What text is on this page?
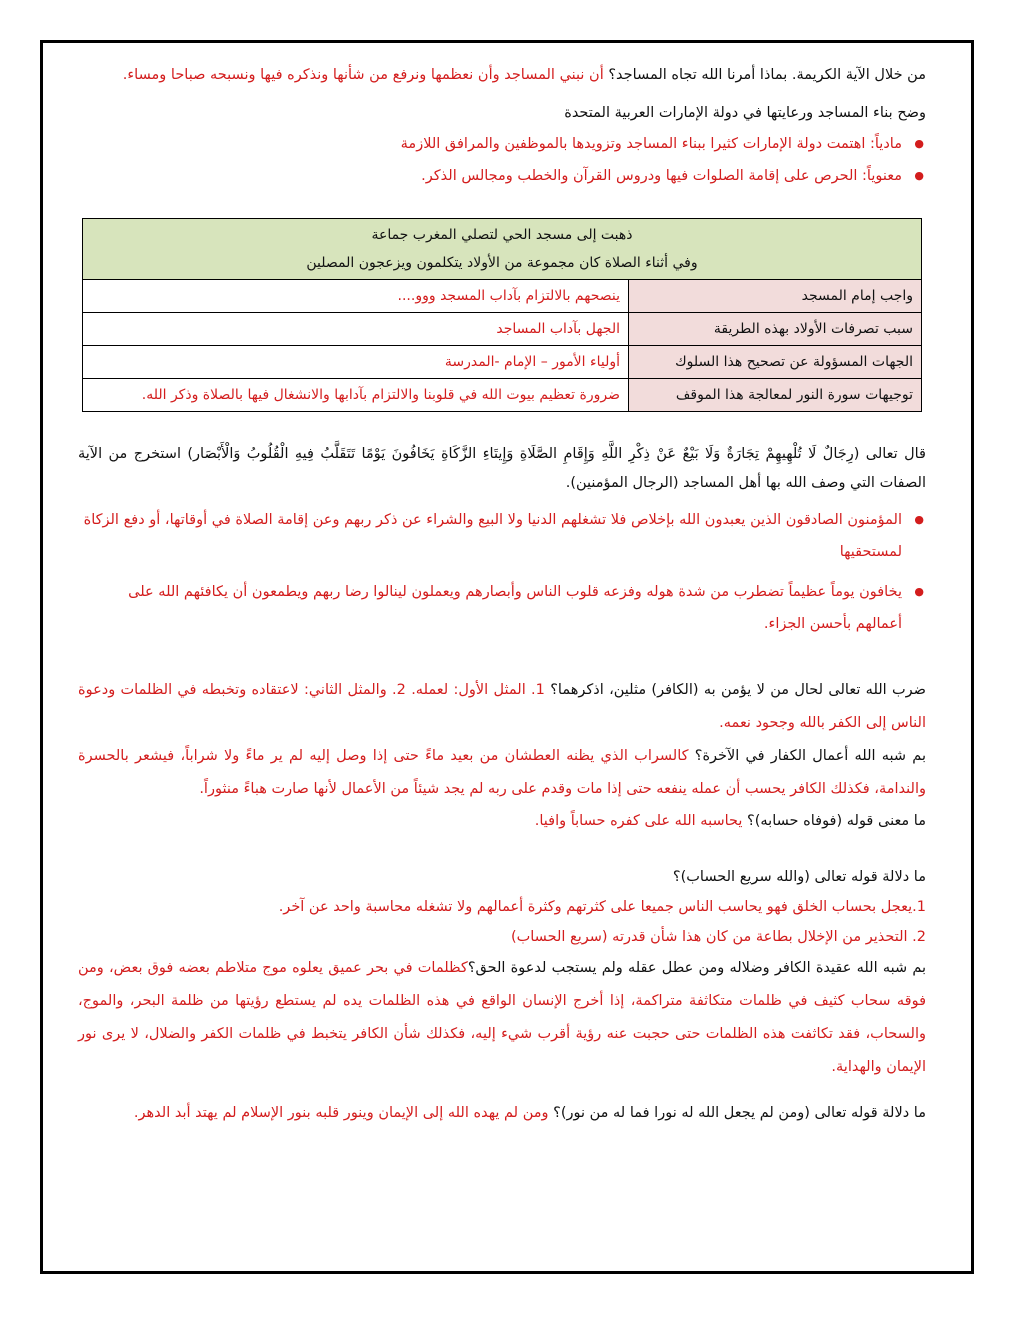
من خلال الآية الكريمة. بماذا أمرنا الله تجاه المساجد؟ أن نبني المساجد وأن نعظمها ونرفع من شأنها ونذكره فيها ونسبحه صباحا ومساء.

وضح بناء المساجد ورعايتها في دولة الإمارات العربية المتحدة

● مادياً: اهتمت دولة الإمارات كثيرا ببناء المساجد وتزويدها بالموظفين والمرافق اللازمة
● معنوياً: الحرص على إقامة الصلوات فيها ودروس القرآن والخطب ومجالس الذكر.
ذهبت إلى مسجد الحي لتصلي المغرب جماعة
وفي أثناء الصلاة كان مجموعة من الأولاد يتكلمون ويزعجون المصلين	

واجب إمام المسجد	ينصحهم بالالتزام بآداب المسجد ووو....
سبب تصرفات الأولاد بهذه الطريقة	الجهل بآداب المساجد
الجهات المسؤولة عن تصحيح هذا السلوك	أولياء الأمور – الإمام -المدرسة
توجيهات سورة النور لمعالجة هذا الموقف	ضرورة تعظيم بيوت الله في قلوبنا والالتزام بآدابها والانشغال فيها بالصلاة وذكر الله.

قال تعالى (رِجَالٌ لَا تُلْهِيهِمْ تِجَارَةٌ وَلَا بَيْعٌ عَنْ ذِكْرِ اللَّهِ وَإِقَامِ الصَّلَاةِ وَإِيتَاءِ الزَّكَاةِ يَخَافُونَ يَوْمًا تَتَقَلَّبُ فِيهِ الْقُلُوبُ وَالْأَبْصَار) استخرج من الآية الصفات التي وصف الله بها أهل المساجد (الرجال المؤمنين).

● المؤمنون الصادقون الذين يعبدون الله بإخلاص فلا تشغلهم الدنيا ولا البيع والشراء عن ذكر ربهم وعن إقامة الصلاة في أوقاتها، أو دفع الزكاة لمستحقيها
● يخافون يوماً عظيماً تضطرب من شدة هوله وفزعه قلوب الناس وأبصارهم ويعملون لينالوا رضا ربهم ويطمعون أن يكافئهم الله على أعمالهم بأحسن الجزاء.

ضرب الله تعالى لحال من لا يؤمن به (الكافر) مثلين، اذكرهما؟ 1. المثل الأول: لعمله. 2. والمثل الثاني: لاعتقاده وتخبطه في الظلمات ودعوة الناس إلى الكفر بالله وجحود نعمه.

بم شبه الله أعمال الكفار في الآخرة؟ كالسراب الذي يظنه العطشان من بعيد ماءً حتى إذا وصل إليه لم ير ماءً ولا شراباً، فيشعر بالحسرة والندامة، فكذلك الكافر يحسب أن عمله ينفعه حتى إذا مات وقدم على ربه لم يجد شيئاً من الأعمال لأنها صارت هباءً منثوراً.

ما معنى قوله (فوفاه حسابه)؟ يحاسبه الله على كفره حساباً وافيا.

ما دلالة قوله تعالى (والله سريع الحساب)؟

1.يعجل بحساب الخلق فهو يحاسب الناس جميعا على كثرتهم وكثرة أعمالهم ولا تشغله محاسبة واحد عن آخر.

2. التحذير من الإخلال بطاعة من كان هذا شأن قدرته (سريع الحساب)

بم شبه الله عقيدة الكافر وضلاله ومن عطل عقله ولم يستجب لدعوة الحق؟كظلمات في بحر عميق يعلوه موج متلاطم بعضه فوق بعض، ومن فوقه سحاب كثيف في ظلمات متكاثفة متراكمة، إذا أخرج الإنسان الواقع في هذه الظلمات يده لم يستطع رؤيتها من ظلمة البحر، والموج، والسحاب، فقد تكاثفت هذه الظلمات حتى حجبت عنه رؤية أقرب شيء إليه، فكذلك شأن الكافر يتخبط في ظلمات الكفر والضلال، لا يرى نور الإيمان والهداية.

ما دلالة قوله تعالى (ومن لم يجعل الله له نورا فما له من نور)؟ ومن لم يهده الله إلى الإيمان وينور قلبه بنور الإسلام لم يهتد أبد الدهر.
